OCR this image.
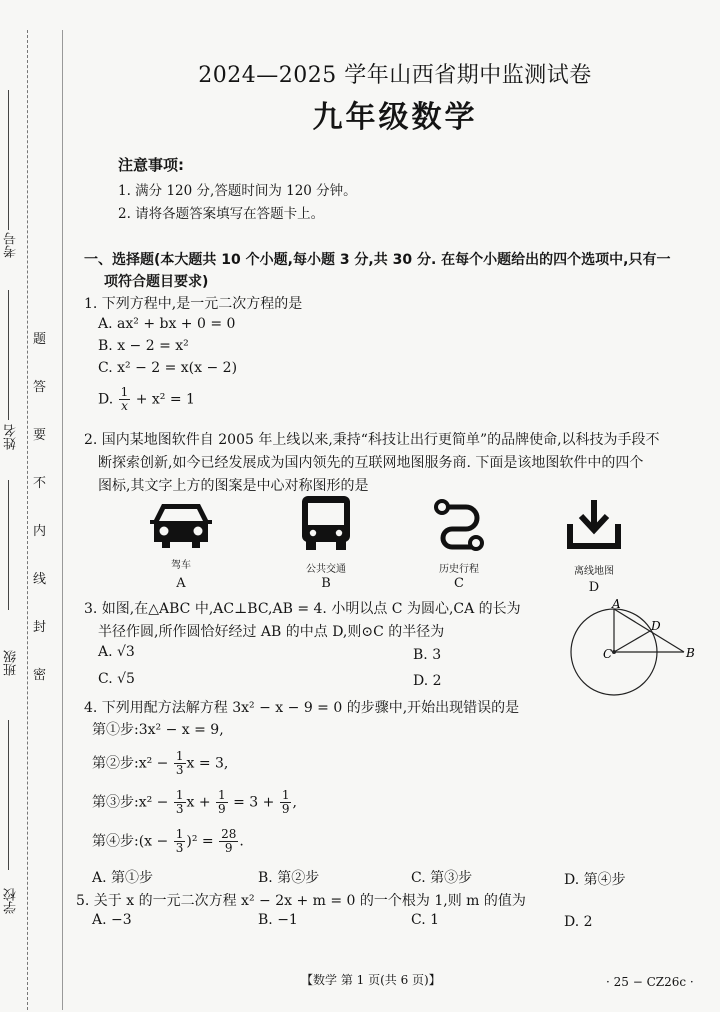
考号
姓名
班级
学校
题
答
要
不
内
线
封
密
2024—2025 学年山西省期中监测试卷
九年级数学
注意事项:
1. 满分 120 分,答题时间为 120 分钟。
2. 请将各题答案填写在答题卡上。
一、选择题(本大题共 10 个小题,每小题 3 分,共 30 分. 在每个小题给出的四个选项中,只有一
项符合题目要求)
1. 下列方程中,是一元二次方程的是
A. ax² + bx + 0 = 0
B. x − 2 = x²
C. x² − 2 = x(x − 2)
D. $\frac{1}{x} + x^2 = 1$
2. 国内某地图软件自 2005 年上线以来,秉持“科技让出行更简单”的品牌使命,以科技为手段不
断探索创新,如今已经发展成为国内领先的互联网地图服务商. 下面是该地图软件中的四个
图标,其文字上方的图案是中心对称图形的是
驾车
A
公共交通
B
历史行程
C
离线地图
D
3. 如图,在△ABC 中,AC⊥BC,AB = 4. 小明以点 C 为圆心,CA 的长为
半径作圆,所作圆恰好经过 AB 的中点 D,则⊙C 的半径为
A. √3	B. 3
C. √5	D. 2
A
D
C	B
4. 下列用配方法解方程 3x² − x − 9 = 0 的步骤中,开始出现错误的是
第①步:3x² − x = 9,
第②步:x² − $\frac{1}{3}$ x = 3,
第③步:x² − $\frac{1}{3}$ $x + \frac{1}{9} = 3 + \frac{1}{9}$ ,
第④步:(x − $\frac{1}{3} )^2 = \frac{28}{9}$ .
A. 第①步	B. 第②步	C. 第③步	D. 第④步
5. 关于 x 的一元二次方程 x² − 2x + m = 0 的一个根为 1,则 m 的值为
A. −3	B. −1	C. 1	D. 2
【数学 第 1 页(共 6 页)】	· 25 − CZ26c ·
